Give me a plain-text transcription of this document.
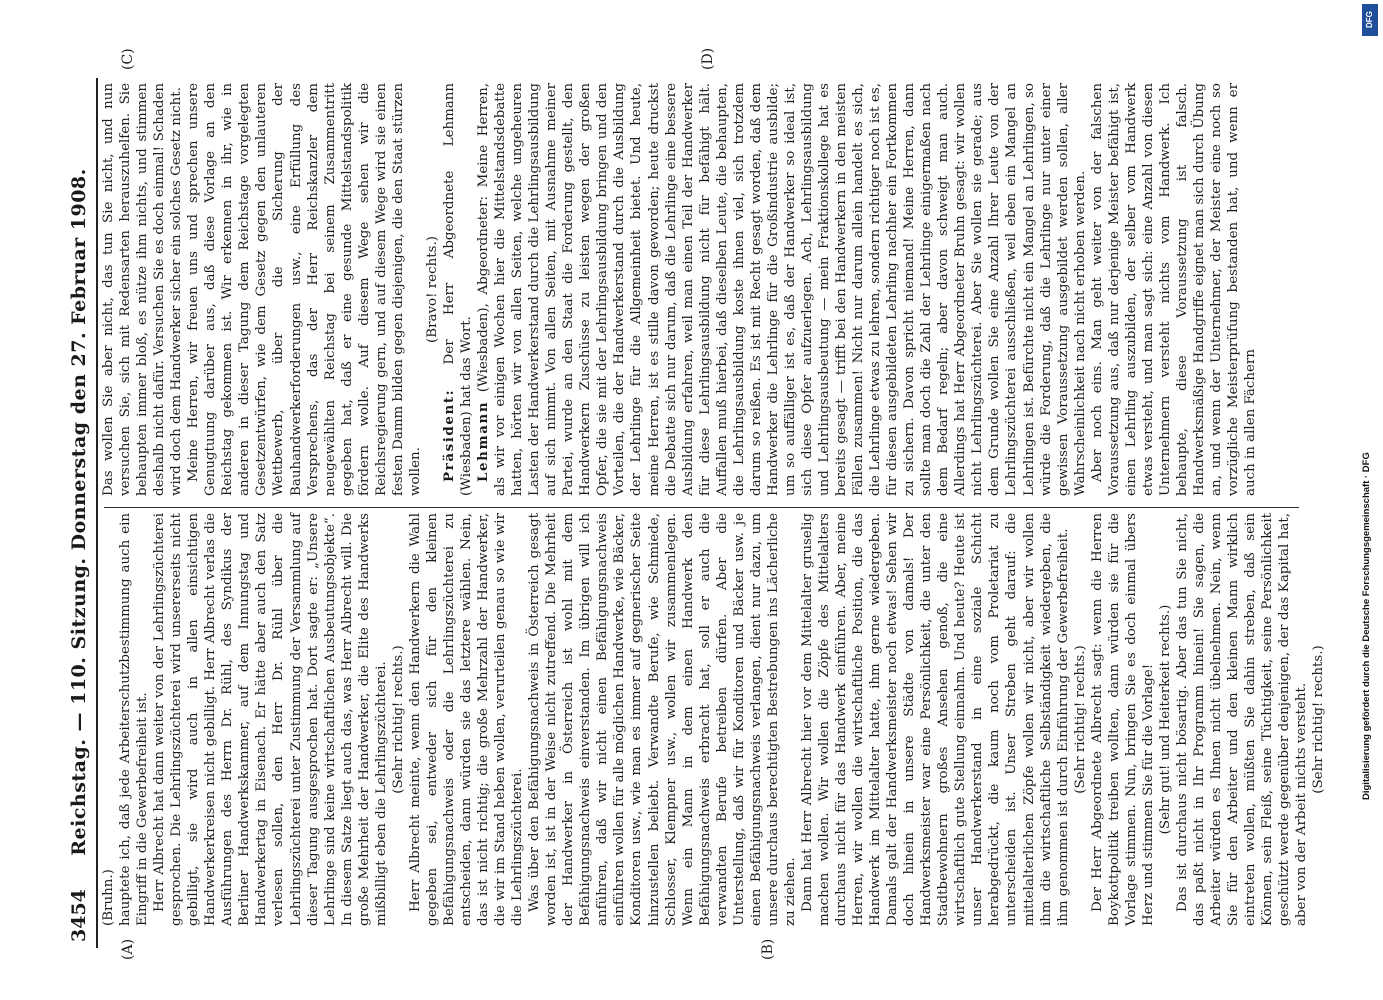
3454
Reichstag. — 110. Sitzung. Donnerstag den 27. Februar 1908.
(A)	(B)
(C)	(D)

(Bruhn.) hauptete ich, daß jede Arbeiterschutzbestimmung auch ein Eingriff in die Gewerbefreiheit ist. Herr Albrecht hat dann weiter von der Lehrlingszüchterei gesprochen. Die Lehrlingszüchterei wird unsererseits nicht gebilligt, sie wird auch in allen einsichtigen Handwerkerkreisen nicht gebilligt. Herr Albrecht verlas die Ausführungen des Herrn Dr. Rühl, des Syndikus der Berliner Handwerkskammer, auf dem Innungstag und Handwerkertag in Eisenach. Er hätte aber auch den Satz verlesen sollen, den Herr Dr. Rühl über die Lehrlingszüchterei unter Zustimmung der Versammlung auf dieser Tagung ausgesprochen hat. Dort sagte er: „Unsere Lehrlinge sind keine wirtschaftlichen Ausbeutungsobjekte“. In diesem Satze liegt auch das, was Herr Albrecht will. Die große Mehrheit der Handwerker, die Elite des Handwerks mißbilligt eben die Lehrlingszüchterei. (Sehr richtig! rechts.) Herr Albrecht meinte, wenn den Handwerkern die Wahl gegeben sei, entweder sich für den kleinen Befähigungsnachweis oder die Lehrlingszüchterei zu entscheiden, dann würden sie das letztere wählen. Nein, das ist nicht richtig; die große Mehrzahl der Handwerker, die wir im Stand heben wollen, verurteilen genau so wie wir die Lehrlingszüchterei. Was über den Befähigungsnachweis in Österreich gesagt worden ist, ist in der Weise nicht zutreffend. Die Mehrheit der Handwerker in Österreich ist wohl mit dem Befähigungsnachweis einverstanden. Im übrigen will ich anführen, daß wir nicht einen Befähigungsnachweis einführen wollen für alle möglichen Handwerke, wie Bäcker, Konditoren usw., wie man es immer auf gegnerischer Seite hinzustellen beliebt. Verwandte Berufe, wie Schmiede, Schlosser, Klempner usw., wollen wir zusammenlegen. Wenn ein Mann in dem einen Handwerk den Befähigungsnachweis erbracht hat, soll er auch die verwandten Berufe betreiben dürfen. Aber die Unterstellung, daß wir für Konditoren und Bäcker usw. je einen Befähigungsnachweis verlangen, dient nur dazu, um unsere durchaus berechtigten Bestrebungen ins Lächerliche zu ziehen. Dann hat Herr Albrecht hier vor dem Mittelalter gruselig machen wollen. Wir wollen die Zöpfe des Mittelalters durchaus nicht für das Handwerk einführen. Aber, meine Herren, wir wollen die wirtschaftliche Position, die das Handwerk im Mittelalter hatte, ihm gerne wiedergeben. Damals galt der Handwerksmeister noch etwas! Sehen wir doch hinein in unsere Städte von damals! Der Handwerksmeister war eine Persönlichkeit, die unter den Stadtbewohnern großes Ansehen genoß, die eine wirtschaftlich gute Stellung einnahm. Und heute? Heute ist unser Handwerkerstand in eine soziale Schicht herabgedrückt, die kaum noch vom Proletariat zu unterscheiden ist. Unser Streben geht darauf: die mittelalterlichen Zöpfe wollen wir nicht, aber wir wollen ihm die wirtschaftliche Selbständigkeit wiedergeben, die ihm genommen ist durch Einführung der Gewerbefreiheit. (Sehr richtig! rechts.) Der Herr Abgeordnete Albrecht sagt: wenn die Herren Boykottpolitik treiben wollten, dann würden sie für die Vorlage stimmen. Nun, bringen Sie es doch einmal übers Herz und stimmen Sie für die Vorlage! (Sehr gut! und Heiterkeit rechts.) Das ist durchaus nicht bösartig. Aber das tun Sie nicht, das paßt nicht in Ihr Programm hinein! Sie sagen, die Arbeiter würden es Ihnen nicht übelnehmen. Nein, wenn Sie für den Arbeiter und den kleinen Mann wirklich eintreten wollen, müßten Sie dahin streben, daß sein Können, sein Fleiß, seine Tüchtigkeit, seine Persönlichkeit geschützt werde gegenüber denjenigen, der das Kapital hat, aber von der Arbeit nichts versteht. (Sehr richtig! rechts.)

Das wollen Sie aber nicht, das tun Sie nicht, und nun versuchen Sie, sich mit Redensarten herauszuhelfen. Sie behaupten immer bloß, es nütze ihm nichts, und stimmen deshalb nicht dafür. Versuchen Sie es doch einmal! Schaden wird doch dem Handwerker sicher ein solches Gesetz nicht. Meine Herren, wir freuen uns und sprechen unsere Genugtuung darüber aus, daß diese Vorlage an den Reichstag gekommen ist. Wir erkennen in ihr, wie in anderen in dieser Tagung dem Reichstage vorgelegten Gesetzentwürfen, wie dem Gesetz gegen den unlauteren Wettbewerb, über die Sicherung der Bauhandwerkerforderungen usw., eine Erfüllung des Versprechens, das der Herr Reichskanzler dem neugewählten Reichstag bei seinem Zusammentritt gegeben hat, daß er eine gesunde Mittelstandspolitik fördern wolle. Auf diesem Wege sehen wir die Reichsregierung gern, und auf diesem Wege wird sie einen festen Damm bilden gegen diejenigen, die den Staat stürzen wollen.

(Bravo! rechts.)

Präsident: Der Herr Abgeordnete Lehmann (Wiesbaden) hat das Wort. Lehmann (Wiesbaden), Abgeordneter: Meine Herren, als wir vor einigen Wochen hier die Mittelstandsdebatte hatten, hörten wir von allen Seiten, welche ungeheuren Lasten der Handwerkerstand durch die Lehrlingsausbildung auf sich nimmt. Von allen Seiten, mit Ausnahme meiner Partei, wurde an den Staat die Forderung gestellt, den Handwerkern Zuschüsse zu leisten wegen der großen Opfer, die sie mit der Lehrlingsausbildung bringen und den Vorteilen, die der Handwerkerstand durch die Ausbildung der Lehrlinge für die Allgemeinheit bietet. Und heute, meine Herren, ist es stille davon geworden; heute druckst die Debatte sich nur darum, daß die Lehrlinge eine bessere Ausbildung erfahren, weil man einen Teil der Handwerker für diese Lehrlingsausbildung nicht für befähigt hält. Auffallen muß hierbei, daß dieselben Leute, die behaupten, die Lehrlingsausbildung koste ihnen viel, sich trotzdem darum so reißen. Es ist mit Recht gesagt worden, daß dem Handwerker die Lehrlinge für die Großindustrie ausbilde; um so auffälliger ist es, daß der Handwerker so ideal ist, sich diese Opfer aufzuerlegen. Ach, Lehrlingsausbildung und Lehrlingsausbeutung — mein Fraktionskollege hat es bereits gesagt — trifft bei den Handwerkern in den meisten Fällen zusammen! Nicht nur darum allein handelt es sich, die Lehrlinge etwas zu lehren, sondern richtiger noch ist es, für diesen ausgebildeten Lehrling nachher ein Fortkommen zu sichern. Davon spricht niemand! Meine Herren, dann sollte man doch die Zahl der Lehrlinge einigermaßen nach dem Bedarf regeln; aber davon schweigt man auch. Allerdings hat Herr Abgeordneter Bruhn gesagt: wir wollen nicht Lehrlingszüchterei. Aber Sie wollen sie gerade; aus dem Grunde wollen Sie eine Anzahl Ihrer Leute von der Lehrlingszüchterei ausschließen, weil eben ein Mangel an Lehrlingen ist. Befürchte nicht ein Mangel an Lehrlingen, so würde die Forderung, daß die Lehrlinge nur unter einer gewissen Voraussetzung ausgebildet werden sollen, aller Wahrscheinlichkeit nach nicht erhoben werden. Aber noch eins. Man geht weiter von der falschen Voraussetzung aus, daß nur derjenige Meister befähigt ist, einen Lehrling auszubilden, der selber vom Handwerk etwas versteht, und man sagt sich: eine Anzahl von diesen Unternehmern versteht nichts vom Handwerk. Ich behaupte, diese Voraussetzung ist falsch. Handwerksmäßige Handgriffe eignet man sich durch Übung an, und wenn der Unternehmer, der Meister eine noch so vorzügliche Meisterprüfung bestanden hat, und wenn er auch in allen Fächern

DFG
Digitalisierung gefördert durch die Deutsche Forschungsgemeinschaft · DFG
